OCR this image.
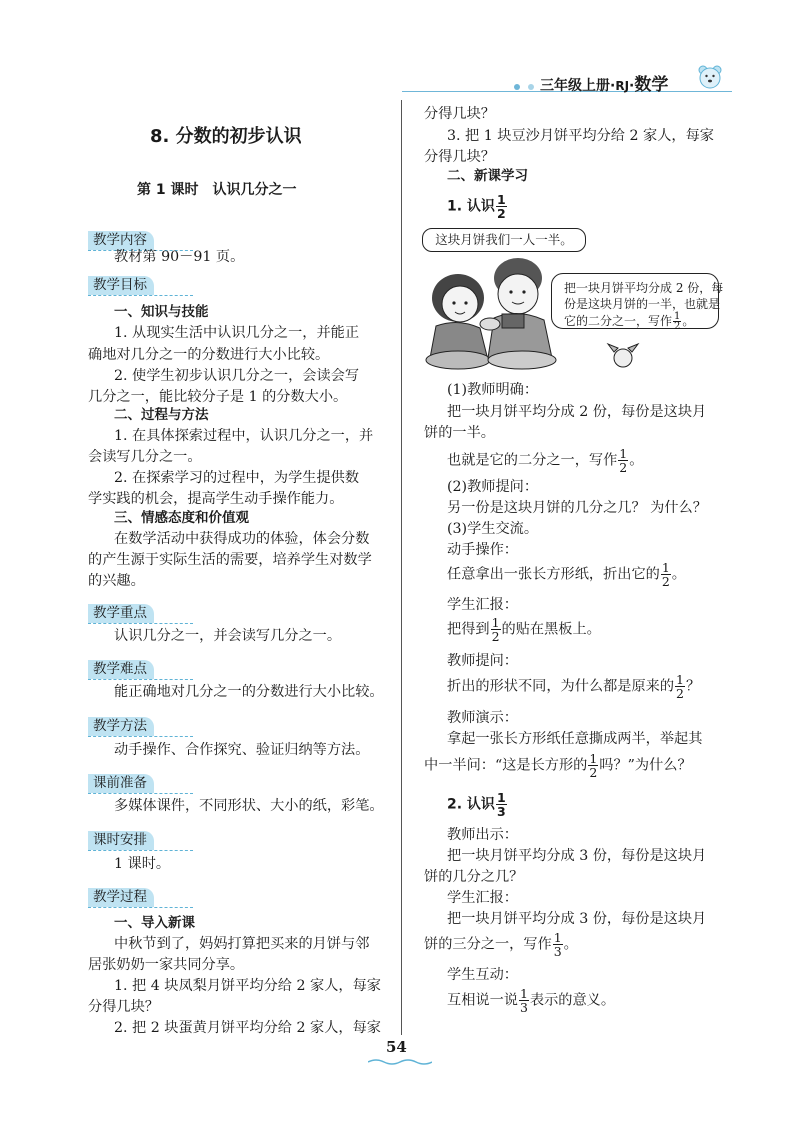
三年级上册·RJ·数学
8. 分数的初步认识
第 1 课时　认识几分之一
教学内容
教材第 90－91 页。
教学目标
一、知识与技能
1. 从现实生活中认识几分之一，并能正
确地对几分之一的分数进行大小比较。
2. 使学生初步认识几分之一，会读会写
几分之一，能比较分子是 1 的分数大小。
二、过程与方法
1. 在具体探索过程中，认识几分之一，并
会读写几分之一。
2. 在探索学习的过程中，为学生提供数
学实践的机会，提高学生动手操作能力。
三、情感态度和价值观
在数学活动中获得成功的体验，体会分数
的产生源于实际生活的需要，培养学生对数学
的兴趣。
教学重点
认识几分之一，并会读写几分之一。
教学难点
能正确地对几分之一的分数进行大小比较。
教学方法
动手操作、合作探究、验证归纳等方法。
课前准备
多媒体课件，不同形状、大小的纸，彩笔。
课时安排
1 课时。
教学过程
一、导入新课
中秋节到了，妈妈打算把买来的月饼与邻
居张奶奶一家共同分享。
1. 把 4 块凤梨月饼平均分给 2 家人，每家
分得几块？
2. 把 2 块蛋黄月饼平均分给 2 家人，每家
分得几块？
3. 把 1 块豆沙月饼平均分给 2 家人，每家
分得几块？
二、新课学习
1. 认识 $\frac{1}{2}$
这块月饼我们一人一半。
把一块月饼平均分成 2 份，每
份是这块月饼的一半，也就是
它的二分之一，写作 $\frac{1}{2}$ 。
(1)教师明确：
把一块月饼平均分成 2 份，每份是这块月
饼的一半。
也就是它的二分之一，写作 $\frac{1}{2}$ 。
(2)教师提问：
另一份是这块月饼的几分之几？ 为什么？
(3)学生交流。
动手操作：
任意拿出一张长方形纸，折出它的 $\frac{1}{2}$ 。
学生汇报：
把得到 $\frac{1}{2}$ 的贴在黑板上。
教师提问：
折出的形状不同，为什么都是原来的 $\frac{1}{2}$ ？
教师演示：
拿起一张长方形纸任意撕成两半，举起其
中一半问：“这是长方形的 $\frac{1}{2}$ 吗？”为什么？
2. 认识 $\frac{1}{3}$
教师出示：
把一块月饼平均分成 3 份，每份是这块月
饼的几分之几？
学生汇报：
把一块月饼平均分成 3 份，每份是这块月
饼的三分之一，写作 $\frac{1}{3}$ 。
学生互动：
互相说一说 $\frac{1}{3}$ 表示的意义。
54
